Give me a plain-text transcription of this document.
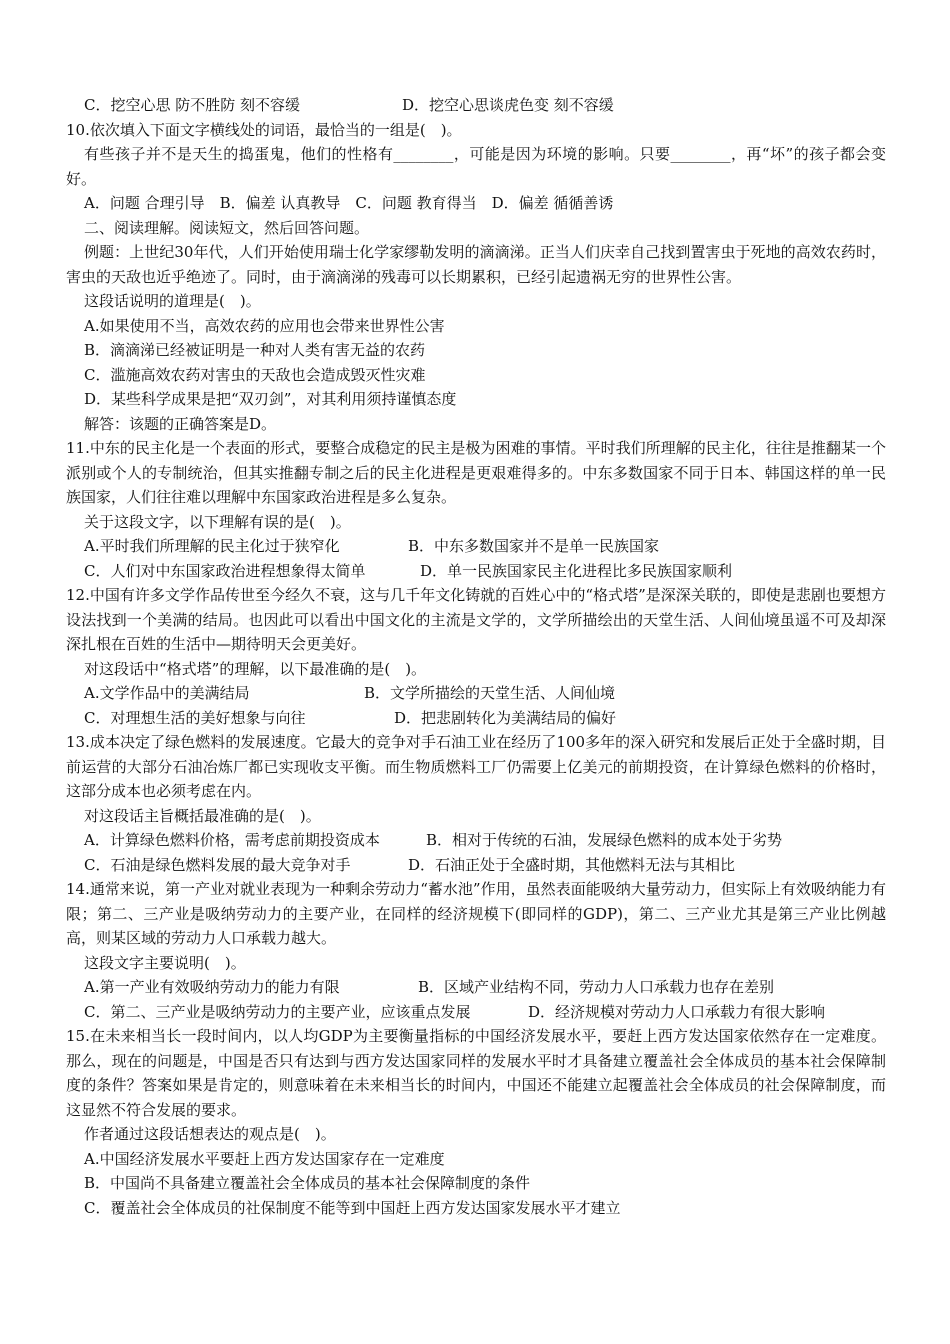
C．挖空心思 防不胜防 刻不容缓	D．挖空心思谈虎色变 刻不容缓
10.依次填入下面文字横线处的词语，最恰当的一组是(　)。
有些孩子并不是天生的捣蛋鬼，他们的性格有________，可能是因为环境的影响。只要________，再“坏”的孩子都会变好。
A．问题 合理引导　B．偏差 认真教导　C．问题 教育得当　D．偏差 循循善诱
二、阅读理解。阅读短文，然后回答问题。
例题：上世纪30年代，人们开始使用瑞士化学家缪勒发明的滴滴涕。正当人们庆幸自己找到置害虫于死地的高效农药时，害虫的天敌也近乎绝迹了。同时，由于滴滴涕的残毒可以长期累积，已经引起遗祸无穷的世界性公害。
这段话说明的道理是(　)。
A.如果使用不当，高效农药的应用也会带来世界性公害
B．滴滴涕已经被证明是一种对人类有害无益的农药
C．滥施高效农药对害虫的天敌也会造成毁灭性灾难
D．某些科学成果是把“双刃剑”，对其利用须持谨慎态度
解答：该题的正确答案是D。
11.中东的民主化是一个表面的形式，要整合成稳定的民主是极为困难的事情。平时我们所理解的民主化，往往是推翻某一个派别或个人的专制统治，但其实推翻专制之后的民主化进程是更艰难得多的。中东多数国家不同于日本、韩国这样的单一民族国家，人们往往难以理解中东国家政治进程是多么复杂。
关于这段文字，以下理解有误的是(　)。
A.平时我们所理解的民主化过于狭窄化	B．中东多数国家并不是单一民族国家
C．人们对中东国家政治进程想象得太简单	D．单一民族国家民主化进程比多民族国家顺利
12.中国有许多文学作品传世至今经久不衰，这与几千年文化铸就的百姓心中的“格式塔”是深深关联的，即使是悲剧也要想方设法找到一个美满的结局。也因此可以看出中国文化的主流是文学的，文学所描绘出的天堂生活、人间仙境虽遥不可及却深深扎根在百姓的生活中—期待明天会更美好。
对这段话中“格式塔”的理解，以下最准确的是(　)。
A.文学作品中的美满结局	B．文学所描绘的天堂生活、人间仙境
C．对理想生活的美好想象与向往	D．把悲剧转化为美满结局的偏好
13.成本决定了绿色燃料的发展速度。它最大的竞争对手石油工业在经历了100多年的深入研究和发展后正处于全盛时期，目前运营的大部分石油冶炼厂都已实现收支平衡。而生物质燃料工厂仍需要上亿美元的前期投资，在计算绿色燃料的价格时，这部分成本也必须考虑在内。
对这段话主旨概括最准确的是(　)。
A．计算绿色燃料价格，需考虑前期投资成本	B．相对于传统的石油，发展绿色燃料的成本处于劣势
C．石油是绿色燃料发展的最大竞争对手	D．石油正处于全盛时期，其他燃料无法与其相比
14.通常来说，第一产业对就业表现为一种剩余劳动力“蓄水池”作用，虽然表面能吸纳大量劳动力，但实际上有效吸纳能力有限；第二、三产业是吸纳劳动力的主要产业，在同样的经济规模下(即同样的GDP)，第二、三产业尤其是第三产业比例越高，则某区域的劳动力人口承载力越大。
这段文字主要说明(　)。
A.第一产业有效吸纳劳动力的能力有限	B．区域产业结构不同，劳动力人口承载力也存在差别
C．第二、三产业是吸纳劳动力的主要产业，应该重点发展	D．经济规模对劳动力人口承载力有很大影响
15.在未来相当长一段时间内，以人均GDP为主要衡量指标的中国经济发展水平，要赶上西方发达国家依然存在一定难度。那么，现在的问题是，中国是否只有达到与西方发达国家同样的发展水平时才具备建立覆盖社会全体成员的基本社会保障制度的条件？答案如果是肯定的，则意味着在未来相当长的时间内，中国还不能建立起覆盖社会全体成员的社会保障制度，而这显然不符合发展的要求。
作者通过这段话想表达的观点是(　)。
A.中国经济发展水平要赶上西方发达国家存在一定难度
B．中国尚不具备建立覆盖社会全体成员的基本社会保障制度的条件
C．覆盖社会全体成员的社保制度不能等到中国赶上西方发达国家发展水平才建立
